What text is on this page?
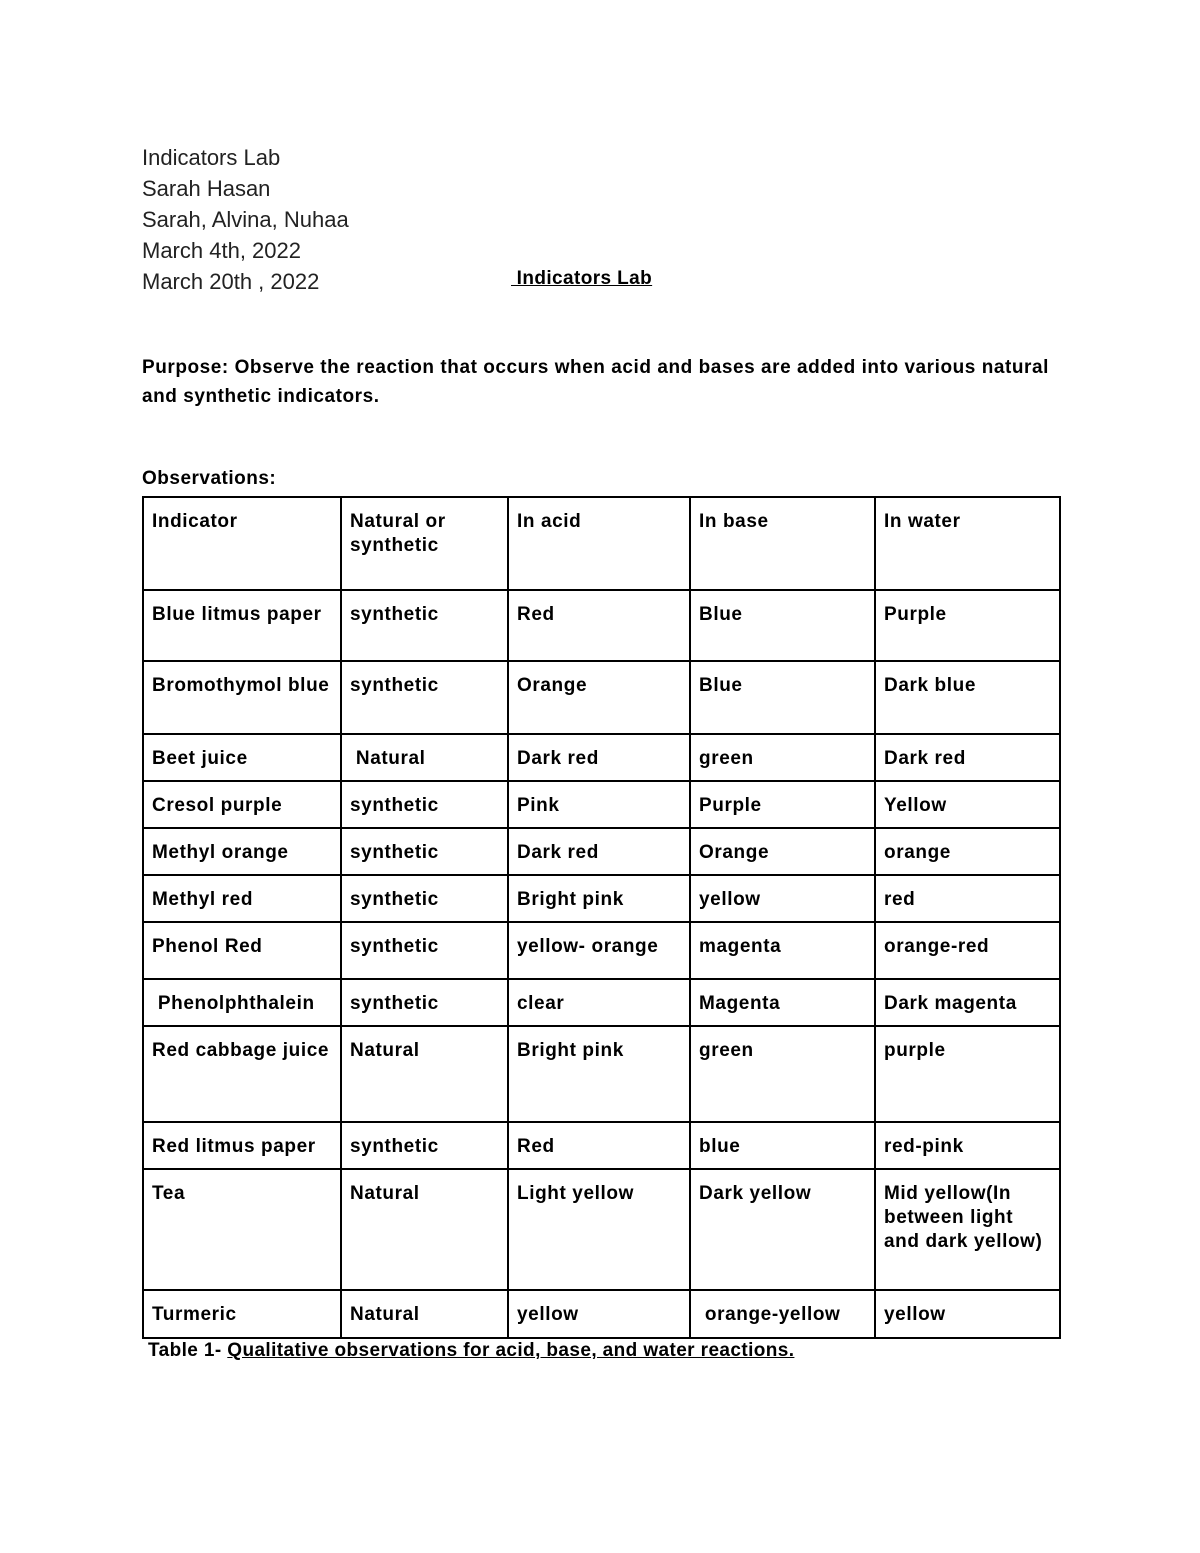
Indicators Lab
Sarah Hasan
Sarah, Alvina, Nuhaa
March 4th, 2022
March 20th , 2022	Indicators Lab
Purpose: Observe the reaction that occurs when acid and bases are added into various natural and synthetic indicators.
Observations:
Indicator	Natural or synthetic	In acid	In base	In water
Blue litmus paper	synthetic	Red	Blue	Purple
Bromothymol blue	synthetic	Orange	Blue	Dark blue
Beet juice	Natural	Dark red	green	Dark red
Cresol purple	synthetic	Pink	Purple	Yellow
Methyl orange	synthetic	Dark red	Orange	orange
Methyl red	synthetic	Bright pink	yellow	red
Phenol Red	synthetic	yellow- orange	magenta	orange-red
Phenolphthalein	synthetic	clear	Magenta	Dark magenta
Red cabbage juice	Natural	Bright pink	green	purple
Red litmus paper	synthetic	Red	blue	red-pink
Tea	Natural	Light yellow	Dark yellow	Mid yellow(In between light and dark yellow)
Turmeric	Natural	yellow	orange-yellow	yellow
Table 1- Qualitative observations for acid, base, and water reactions.
